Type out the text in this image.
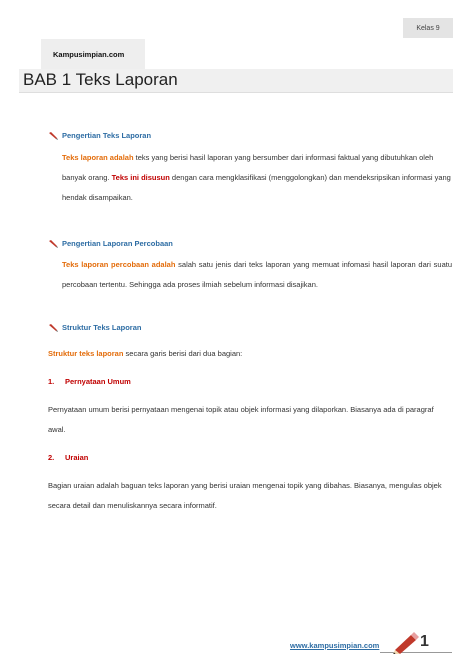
Kelas 9
Kampusimpian.com
BAB 1 Teks Laporan
Pengertian Teks Laporan
Teks laporan adalah teks yang berisi hasil laporan yang bersumber dari informasi faktual yang dibutuhkan oleh banyak orang. Teks ini disusun dengan cara mengklasifikasi (menggolongkan) dan mendeksripsikan informasi yang hendak disampaikan.
Pengertian Laporan Percobaan
Teks laporan percobaan adalah salah satu jenis dari teks laporan yang memuat infomasi hasil laporan dari suatu percobaan tertentu. Sehingga ada proses ilmiah sebelum informasi disajikan.
Struktur Teks Laporan
Struktur teks laporan secara garis berisi dari dua bagian:
1. Pernyataan Umum
Pernyataan umum berisi pernyataan mengenai topik atau objek informasi yang dilaporkan. Biasanya ada di paragraf awal.
2. Uraian
Bagian uraian adalah baguan teks laporan yang berisi uraian mengenai topik yang dibahas. Biasanya, mengulas objek secara detail dan menuliskannya secara informatif.
www.kampusimpian.com	1
